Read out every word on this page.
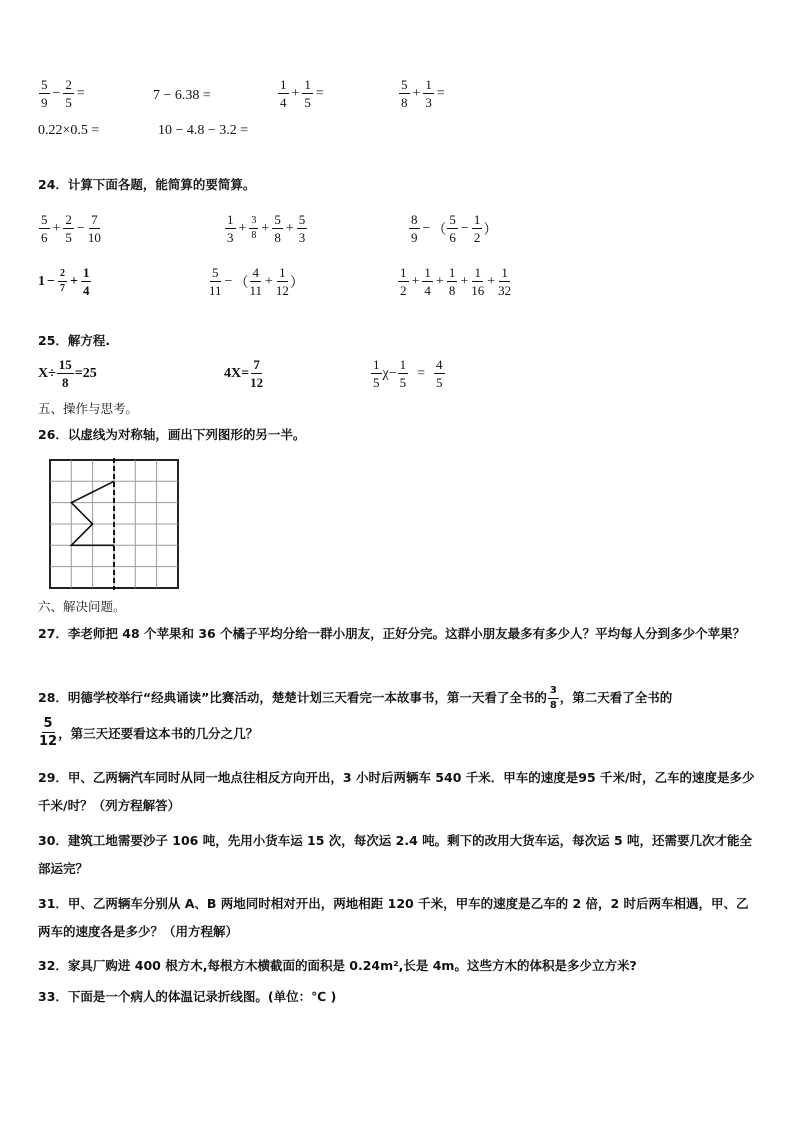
$\frac{5}{9} - \frac{2}{5}$ =	7 − 6.38 =	$\frac{1}{4} + \frac{1}{5}$ =	$\frac{5}{8} + \frac{1}{3}$ =
0.22×0.5 =	10 − 4.8 − 3.2 =
24．计算下面各题，能简算的要简算。
$\frac{5}{6} + \frac{2}{5} - \frac{7}{10}$	$\frac{1}{3} + \frac{3}{8} + \frac{5}{8} + \frac{5}{3}$	$\frac{8}{9}$ − （ $\frac{5}{6} - \frac{1}{2}$ ）
$1 - \frac{2}{7} + \frac{1}{4}$	$\frac{5}{11}$ − （ $\frac{4}{11} + \frac{1}{12}$ ）	$\frac{1}{2} + \frac{1}{4} + \frac{1}{8} + \frac{1}{16} + \frac{1}{32}$
25．解方程.
$X\div \frac{15}{8} =25$	$4X= \frac{7}{12}$	$\frac{1}{5} \chi- \frac{1}{5} = \frac{4}{5}$
五、操作与思考。
26．以虚线为对称轴，画出下列图形的另一半。
六、解决问题。
27．李老师把 48 个苹果和 36 个橘子平均分给一群小朋友，正好分完。这群小朋友最多有多少人？平均每人分到多少个苹果？
28．明德学校举行“经典诵读”比赛活动，楚楚计划三天看完一本故事书，第一天看了全书的 $\frac{3}{8}$ ，第二天看了全书的
$\frac{5}{12}$ ，第三天还要看这本书的几分之几？
29．甲、乙两辆汽车同时从同一地点往相反方向开出，3 小时后两辆车 540 千米．甲车的速度是95 千米/时，乙车的速度是多少千米/时？（列方程解答）
30．建筑工地需要沙子 106 吨，先用小货车运 15 次，每次运 2.4 吨。剩下的改用大货车运，每次运 5 吨，还需要几次才能全部运完？
31．甲、乙两辆车分别从 A、B 两地同时相对开出，两地相距 120 千米，甲车的速度是乙车的 2 倍，2 时后两车相遇，甲、乙两车的速度各是多少？（用方程解）
32．家具厂购进 400 根方木,每根方木横截面的面积是 0.24m²,长是 4m。这些方木的体积是多少立方米?
33．下面是一个病人的体温记录折线图。(单位：℃ )
